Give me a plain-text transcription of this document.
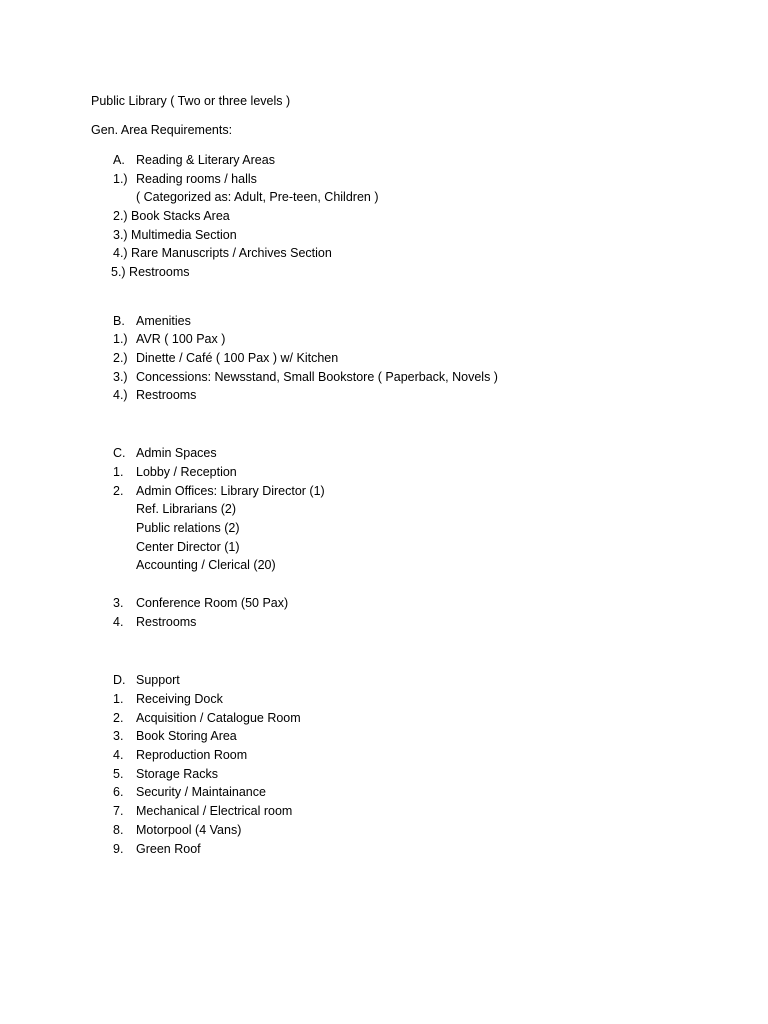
Public Library ( Two or three levels )
Gen. Area Requirements:
A. Reading & Literary Areas
1.) Reading rooms / halls
( Categorized as: Adult, Pre-teen, Children )
2.) Book Stacks Area
3.) Multimedia Section
4.) Rare Manuscripts / Archives Section
5.) Restrooms
B. Amenities
1.) AVR ( 100 Pax )
2.) Dinette / Café ( 100 Pax ) w/ Kitchen
3.) Concessions: Newsstand, Small Bookstore ( Paperback, Novels )
4.) Restrooms
C. Admin Spaces
1. Lobby / Reception
2. Admin Offices: Library Director (1)
Ref. Librarians (2)
Public relations (2)
Center Director (1)
Accounting / Clerical (20)
3. Conference Room (50 Pax)
4. Restrooms
D. Support
1. Receiving Dock
2. Acquisition / Catalogue Room
3. Book Storing Area
4. Reproduction Room
5. Storage Racks
6. Security / Maintainance
7. Mechanical / Electrical room
8. Motorpool (4 Vans)
9. Green Roof
